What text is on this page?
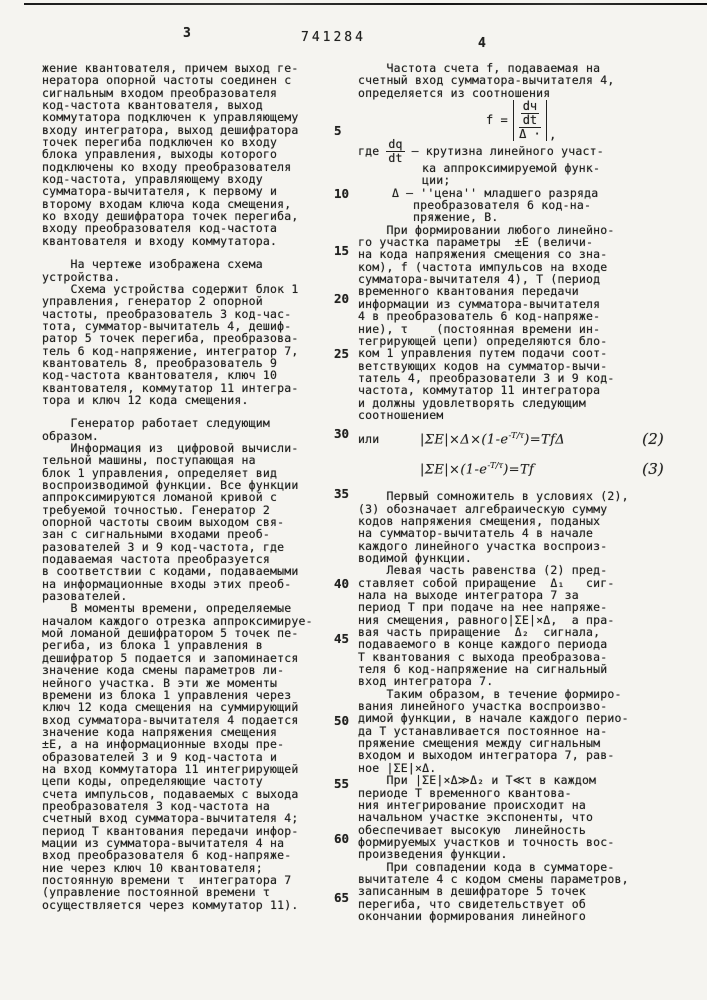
3	741284	4
жение квантователя, причем выход ге-
нератора опорной частоты соединен с
сигнальным входом преобразователя
код-частота квантователя, выход
коммутатора подключен к управляющему
входу интегратора, выход дешифратора
точек перегиба подключен ко входу
блока управления, выходы которого
подключены ко входу преобразователя
код-частота, управляющему входу
сумматора-вычитателя, к первому и
второму входам ключа кода смещения,
ко входу дешифратора точек перегиба,
входу преобразователя код-частота
квантователя и входу коммутатора.
На чертеже изображена схема
устройства.
Схема устройства содержит блок 1
управления, генератор 2 опорной
частоты, преобразователь 3 код-час-
тота, сумматор-вычитатель 4, дешиф-
ратор 5 точек перегиба, преобразова-
тель 6 код-напряжение, интегратор 7,
квантователь 8, преобразователь 9
код-частота квантователя, ключ 10
квантователя, коммутатор 11 интегра-
тора и ключ 12 кода смещения.
Генератор работает следующим
образом.
Информация из  цифровой вычисли-
тельной машины, поступающая на
блок 1 управления, определяет вид
воспроизводимой функции. Все функции
аппроксимируются ломаной кривой с
требуемой точностью. Генератор 2
опорной частоты своим выходом свя-
зан с сигнальными входами преоб-
разователей 3 и 9 код-частота, где
подаваемая частота преобразуется
в соответствии с кодами, подаваемыми
на информационные входы этих преоб-
разователей.
В моменты времени, определяемые
началом каждого отрезка аппроксимируе-
мой ломаной дешифратором 5 точек пе-
региба, из блока 1 управления в
дешифратор 5 подается и запоминается
значение кода смены параметров ли-
нейного участка. В эти же моменты
времени из блока 1 управления через
ключ 12 кода смещения на суммирующий
вход сумматора-вычитателя 4 подается
значение кода напряжения смещения
±Е, а на информационные входы пре-
образователей 3 и 9 код-частота и
на вход коммутатора 11 интегрирующей
цепи коды, определяющие частоту
счета импульсов, подаваемых с выхода
преобразователя 3 код-частота на
счетный вход сумматора-вычитателя 4;
период Т квантования передачи инфор-
мации из сумматора-вычитателя 4 на
вход преобразователя 6 код-напряже-
ние через ключ 10 квантователя;
постоянную времени τ  интегратора 7
(управление постоянной времени τ
осуществляется через коммутатор 11).
5
10
15
20
25
30
35
40
45
50
55
60
65
Частота счета f, подаваемая на
счетный вход сумматора-вычитателя 4,
определяется из соотношения
$f = \frac{\frac{dч}{dt}}{\Delta \cdot}$ ,
где $\frac{dq}{dt}$ — крутизна линейного участ-
ка аппроксимируемой функ-
ции;
Δ — ''цена'' младшего разряда
преобразователя 6 код-на-
пряжение, В.
При формировании любого линейно-
го участка параметры  ±Е (величи-
на кода напряжения смещения со зна-
ком), f (частота импульсов на входе
сумматора-вычитателя 4), Т (период
временного квантования передачи
информации из сумматора-вычитателя
4 в преобразователь 6 код-напряже-
ние), τ    (постоянная времени ин-
тегрирующей цепи) определяются бло-
ком 1 управления путем подачи соот-
ветствующих кодов на сумматор-вычи-
татель 4, преобразователи 3 и 9 код-
частота, коммутатор 11 интегратора
и должны удовлетворять следующим
соотношением
или	$|\Sigma E|\times\Delta\times(1-e^{-T/\tau})=Tf\Delta$	(2)
$|\Sigma E|\times(1-e^{-T/\tau})=Tf$	(3)
Первый сомножитель в условиях (2),
(3) обозначает алгебраическую сумму
кодов напряжения смещения, поданых
на сумматор-вычитатель 4 в начале
каждого линейного участка воспроиз-
водимой функции.
Левая часть равенства (2) пред-
ставляет собой приращение  Δ₁   сиг-
нала на выходе интегратора 7 за
период Т при подаче на нее напряже-
ния смещения, равного|ΣЕ|×Δ,  а пра-
вая часть приращение  Δ₂  сигнала,
подаваемого в конце каждого периода
Т квантования с выхода преобразова-
теля 6 код-напряжение на сигнальный
вход интегратора 7.
Таким образом, в течение формиро-
вания линейного участка воспроизво-
димой функции, в начале каждого перио-
да Т устанавливается постоянное на-
пряжение смещения между сигнальным
входом и выходом интегратора 7, рав-
ное |ΣЕ|×Δ.
При |ΣЕ|×Δ≫Δ₂ и Т≪τ в каждом
периоде Т временного квантова-
ния интегрирование происходит на
начальном участке экспоненты, что
обеспечивает высокую  линейность
формируемых участков и точность вос-
произведения функции.
При совпадении кода в сумматоре-
вычитателе 4 с кодом смены параметров,
записанным в дешифраторе 5 точек
перегиба, что свидетельствует об
окончании формирования линейного
